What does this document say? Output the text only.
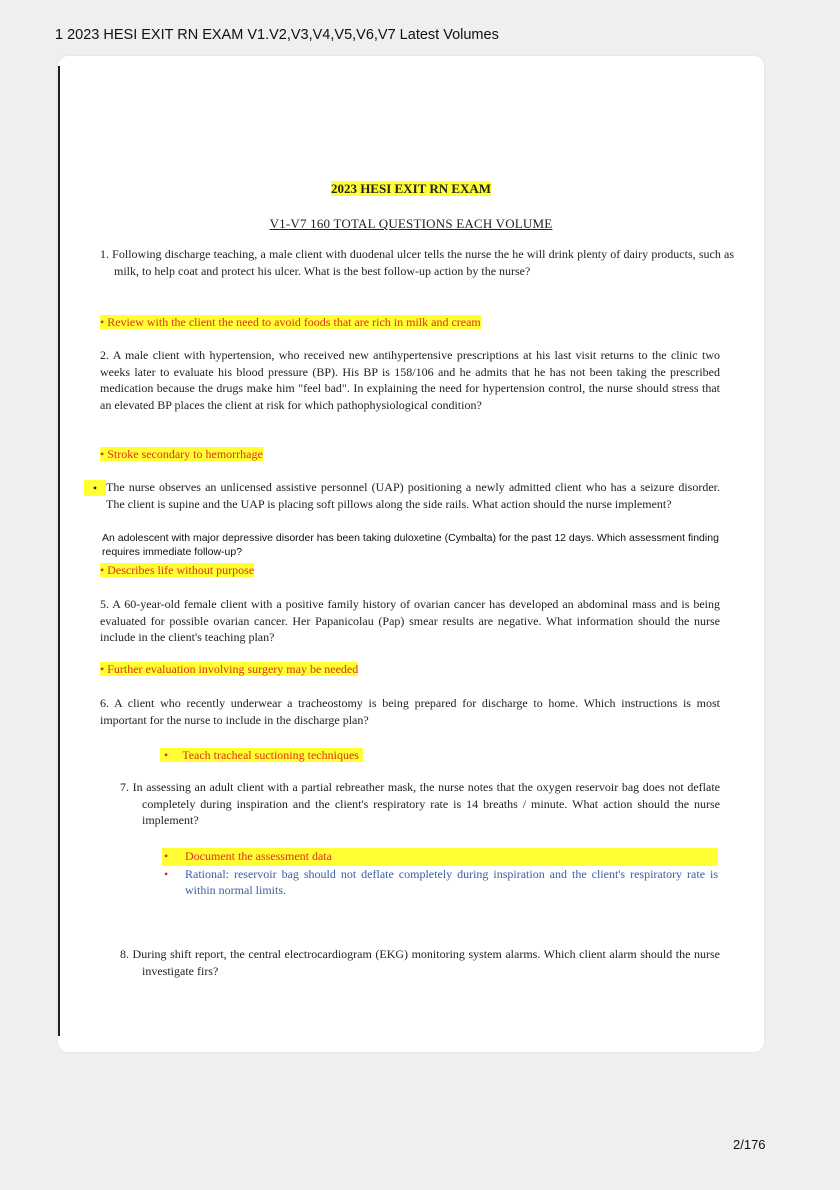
1 2023 HESI EXIT RN EXAM V1.V2,V3,V4,V5,V6,V7 Latest Volumes
2023 HESI EXIT RN EXAM
V1-V7 160 TOTAL QUESTIONS EACH VOLUME
1. Following discharge teaching, a male client with duodenal ulcer tells the nurse the he will drink plenty of dairy products, such as milk, to help coat and protect his ulcer. What is the best follow-up action by the nurse?
• Review with the client the need to avoid foods that are rich in milk and cream
2. A male client with hypertension, who received new antihypertensive prescriptions at his last visit returns to the clinic two weeks later to evaluate his blood pressure (BP). His BP is 158/106 and he admits that he has not been taking the prescribed medication because the drugs make him "feel bad". In explaining the need for hypertension control, the nurse should stress that an elevated BP places the client at risk for which pathophysiological condition?
• Stroke secondary to hemorrhage
• The nurse observes an unlicensed assistive personnel (UAP) positioning a newly admitted client who has a seizure disorder. The client is supine and the UAP is placing soft pillows along the side rails. What action should the nurse implement?
An adolescent with major depressive disorder has been taking duloxetine (Cymbalta) for the past 12 days. Which assessment finding requires immediate follow-up?
• Describes life without purpose
5. A 60-year-old female client with a positive family history of ovarian cancer has developed an abdominal mass and is being evaluated for possible ovarian cancer. Her Papanicolau (Pap) smear results are negative. What information should the nurse include in the client's teaching plan?
• Further evaluation involving surgery may be needed
6. A client who recently underwear a tracheostomy is being prepared for discharge to home. Which instructions is most important for the nurse to include in the discharge plan?
• Teach tracheal suctioning techniques
7. In assessing an adult client with a partial rebreather mask, the nurse notes that the oxygen reservoir bag does not deflate completely during inspiration and the client's respiratory rate is 14 breaths / minute. What action should the nurse implement?
• Document the assessment data
• Rational: reservoir bag should not deflate completely during inspiration and the client's respiratory rate is within normal limits.
8. During shift report, the central electrocardiogram (EKG) monitoring system alarms. Which client alarm should the nurse investigate firs?
2/176
